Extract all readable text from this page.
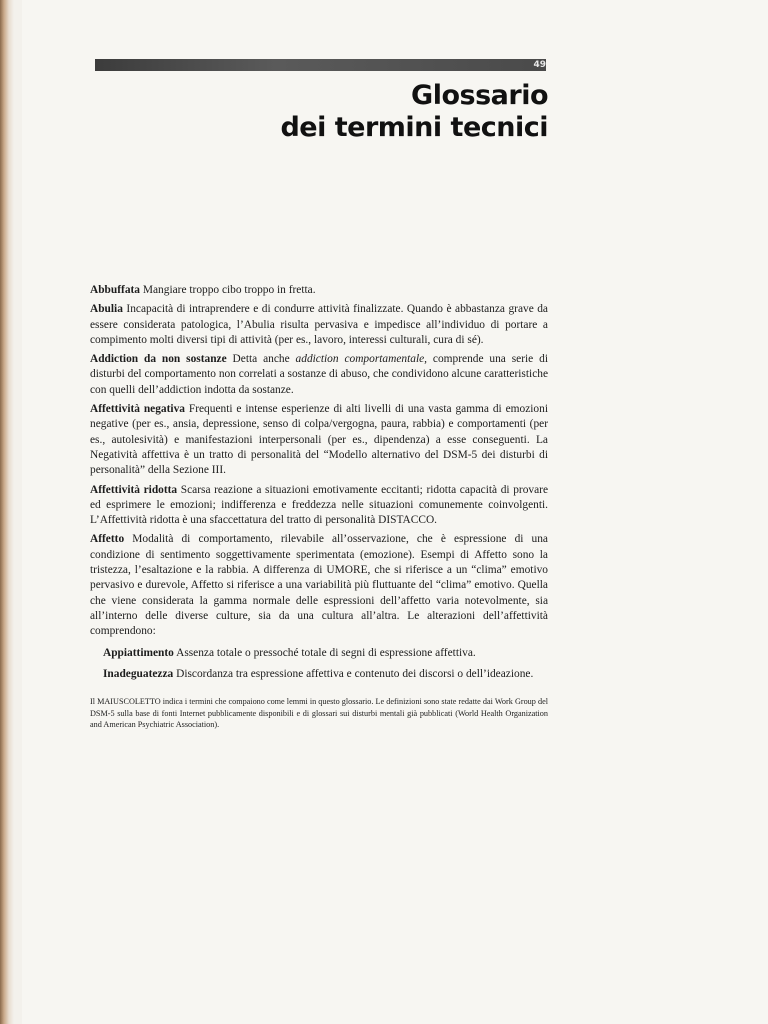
49
Glossario
dei termini tecnici

Abbuffata Mangiare troppo cibo troppo in fretta.

Abulia Incapacità di intraprendere e di condurre attività finalizzate. Quando è abbastanza grave da essere considerata patologica, l’Abulia risulta pervasiva e impedisce all’individuo di portare a compimento molti diversi tipi di attività (per es., lavoro, interessi culturali, cura di sé).

Addiction da non sostanze Detta anche addiction comportamentale, comprende una serie di disturbi del comportamento non correlati a sostanze di abuso, che condividono alcune caratteristiche con quelli dell’addiction indotta da sostanze.

Affettività negativa Frequenti e intense esperienze di alti livelli di una vasta gamma di emozioni negative (per es., ansia, depressione, senso di colpa/vergogna, paura, rabbia) e comportamenti (per es., autolesività) e manifestazioni interpersonali (per es., dipendenza) a esse conseguenti. La Negatività affettiva è un tratto di personalità del “Modello alternativo del DSM-5 dei disturbi di personalità” della Sezione III.

Affettività ridotta Scarsa reazione a situazioni emotivamente eccitanti; ridotta capacità di provare ed esprimere le emozioni; indifferenza e freddezza nelle situazioni comunemente coinvolgenti. L’Affettività ridotta è una sfaccettatura del tratto di personalità DISTACCO.

Affetto Modalità di comportamento, rilevabile all’osservazione, che è espressione di una condizione di sentimento soggettivamente sperimentata (emozione). Esempi di Affetto sono la tristezza, l’esaltazione e la rabbia. A differenza di UMORE, che si riferisce a un “clima” emotivo pervasivo e durevole, Affetto si riferisce a una variabilità più fluttuante del “clima” emotivo. Quella che viene considerata la gamma normale delle espressioni dell’affetto varia notevolmente, sia all’interno delle diverse culture, sia da una cultura all’altra. Le alterazioni dell’affettività comprendono:

Appiattimento Assenza totale o pressoché totale di segni di espressione affettiva.

Inadeguatezza Discordanza tra espressione affettiva e contenuto dei discorsi o dell’ideazione.

Il MAIUSCOLETTO indica i termini che compaiono come lemmi in questo glossario. Le definizioni sono state redatte dai Work Group del DSM-5 sulla base di fonti Internet pubblicamente disponibili e di glossari sui disturbi mentali già pubblicati (World Health Organization and American Psychiatric Association).
